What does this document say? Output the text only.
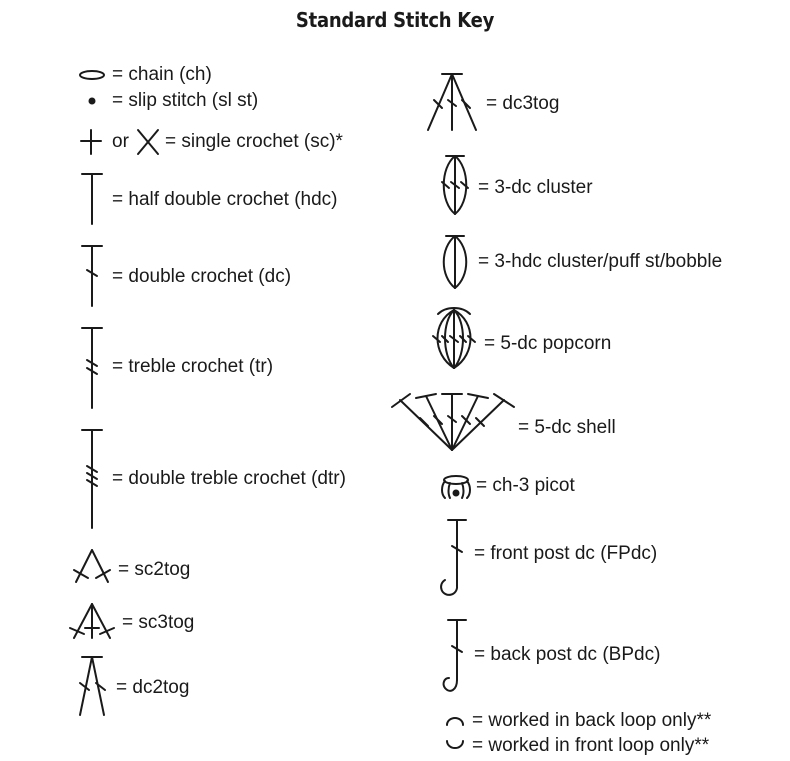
Standard Stitch Key
= chain (ch)
= slip stitch (sl st)
or = single crochet (sc)*
= half double crochet (hdc)
= double crochet (dc)
= treble crochet (tr)
= double treble crochet (dtr)
= sc2tog
= sc3tog
= dc2tog
= dc3tog
= 3-dc cluster
= 3-hdc cluster/puff st/bobble
= 5-dc popcorn
= 5-dc shell
= ch-3 picot
= front post dc (FPdc)
= back post dc (BPdc)
= worked in back loop only**
= worked in front loop only**
